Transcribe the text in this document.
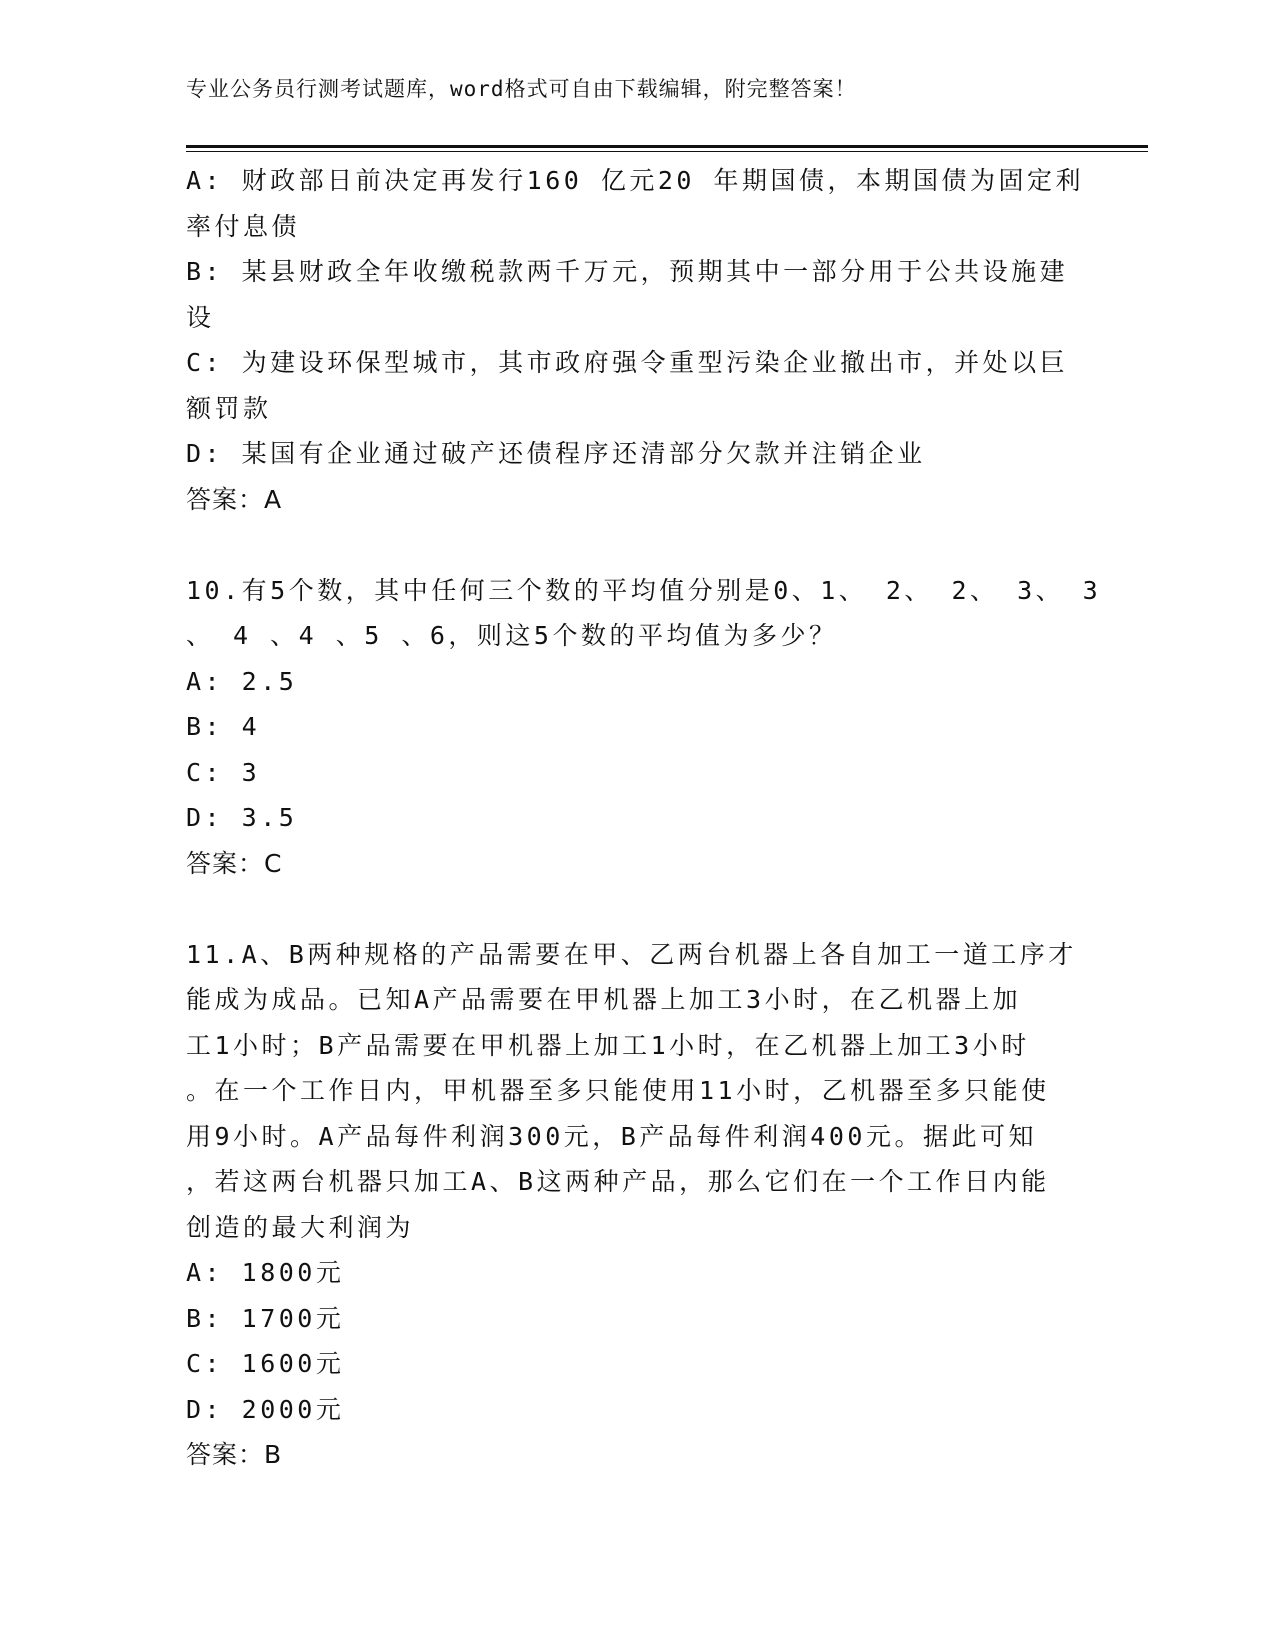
专业公务员行测考试题库，word格式可自由下载编辑，附完整答案！
A: 财政部日前决定再发行160 亿元20 年期国债，本期国债为固定利
率付息债
B: 某县财政全年收缴税款两千万元，预期其中一部分用于公共设施建
设
C: 为建设环保型城市，其市政府强令重型污染企业撤出市，并处以巨
额罚款
D: 某国有企业通过破产还债程序还清部分欠款并注销企业
答案：A
10.有5个数，其中任何三个数的平均值分别是0、1、 2、 2、 3、 3
、 4 、4 、5 、6，则这5个数的平均值为多少？
A: 2.5
B: 4
C: 3
D: 3.5
答案：C
11.A、B两种规格的产品需要在甲、乙两台机器上各自加工一道工序才
能成为成品。已知A产品需要在甲机器上加工3小时，在乙机器上加
工1小时；B产品需要在甲机器上加工1小时，在乙机器上加工3小时
。在一个工作日内，甲机器至多只能使用11小时，乙机器至多只能使
用9小时。A产品每件利润300元，B产品每件利润400元。据此可知
，若这两台机器只加工A、B这两种产品，那么它们在一个工作日内能
创造的最大利润为
A: 1800元
B: 1700元
C: 1600元
D: 2000元
答案：B
